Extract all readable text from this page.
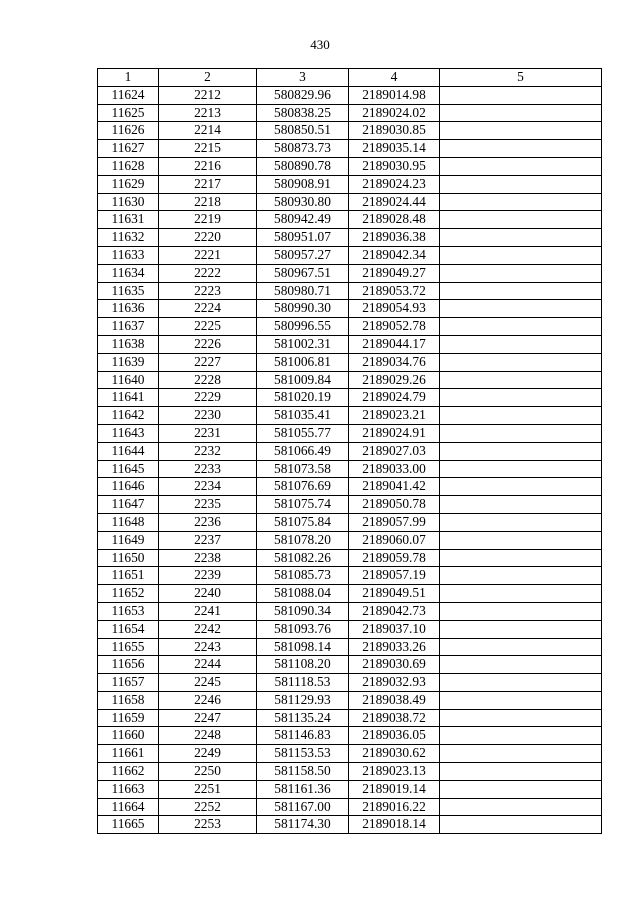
430
1	2	3	4	5
11624	2212	580829.96	2189014.98	
11625	2213	580838.25	2189024.02	
11626	2214	580850.51	2189030.85	
11627	2215	580873.73	2189035.14	
11628	2216	580890.78	2189030.95	
11629	2217	580908.91	2189024.23	
11630	2218	580930.80	2189024.44	
11631	2219	580942.49	2189028.48	
11632	2220	580951.07	2189036.38	
11633	2221	580957.27	2189042.34	
11634	2222	580967.51	2189049.27	
11635	2223	580980.71	2189053.72	
11636	2224	580990.30	2189054.93	
11637	2225	580996.55	2189052.78	
11638	2226	581002.31	2189044.17	
11639	2227	581006.81	2189034.76	
11640	2228	581009.84	2189029.26	
11641	2229	581020.19	2189024.79	
11642	2230	581035.41	2189023.21	
11643	2231	581055.77	2189024.91	
11644	2232	581066.49	2189027.03	
11645	2233	581073.58	2189033.00	
11646	2234	581076.69	2189041.42	
11647	2235	581075.74	2189050.78	
11648	2236	581075.84	2189057.99	
11649	2237	581078.20	2189060.07	
11650	2238	581082.26	2189059.78	
11651	2239	581085.73	2189057.19	
11652	2240	581088.04	2189049.51	
11653	2241	581090.34	2189042.73	
11654	2242	581093.76	2189037.10	
11655	2243	581098.14	2189033.26	
11656	2244	581108.20	2189030.69	
11657	2245	581118.53	2189032.93	
11658	2246	581129.93	2189038.49	
11659	2247	581135.24	2189038.72	
11660	2248	581146.83	2189036.05	
11661	2249	581153.53	2189030.62	
11662	2250	581158.50	2189023.13	
11663	2251	581161.36	2189019.14	
11664	2252	581167.00	2189016.22	
11665	2253	581174.30	2189018.14	
